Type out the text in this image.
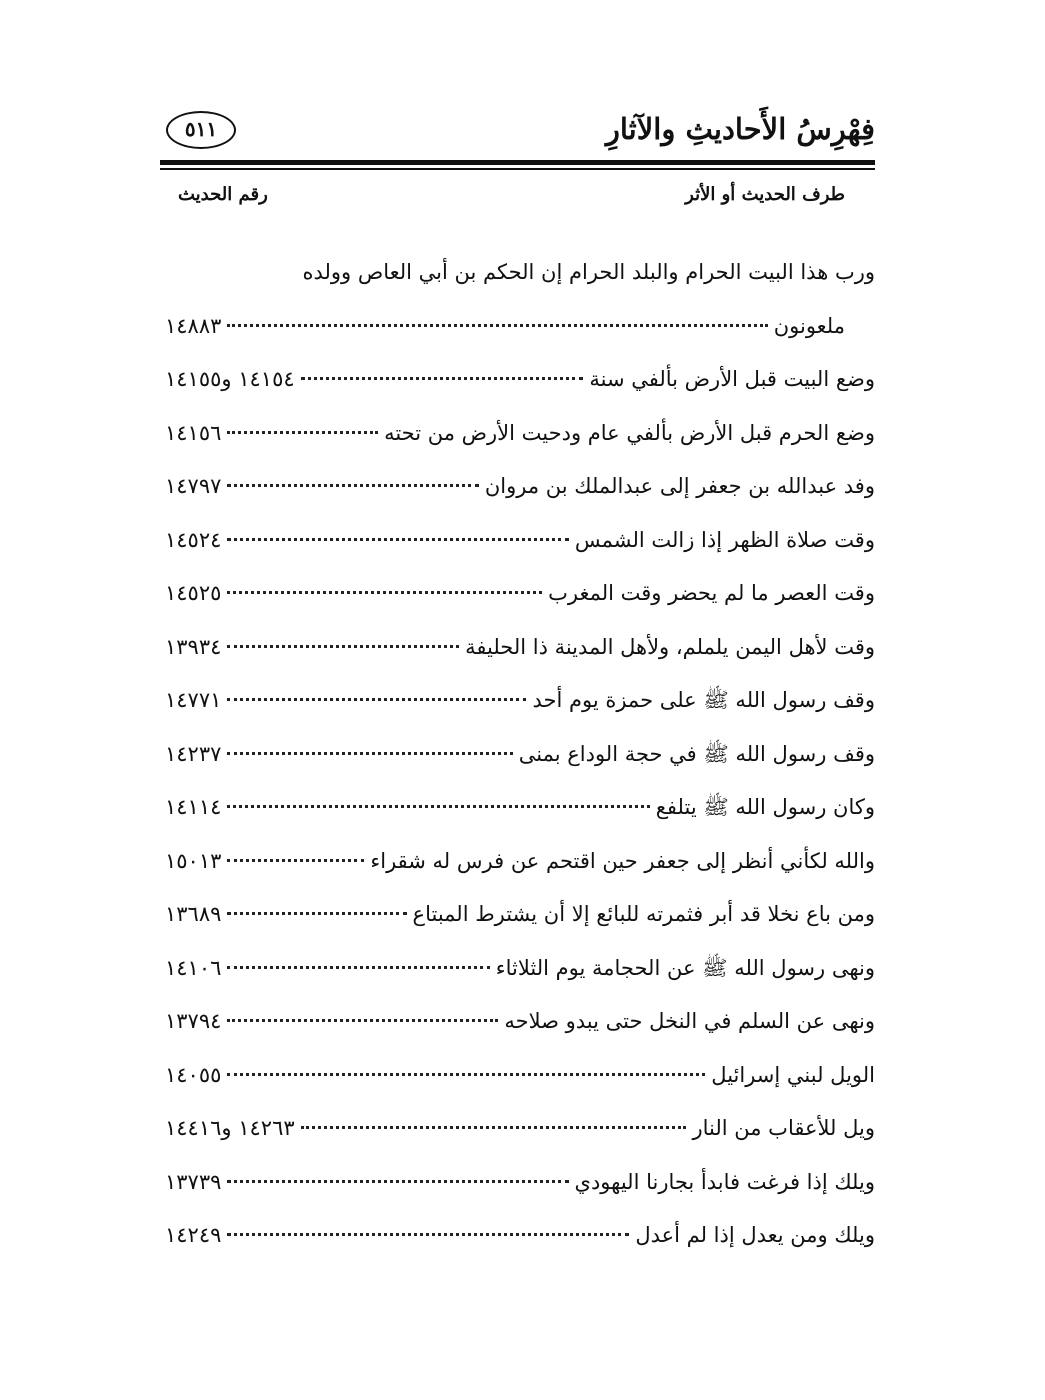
فِهْرِسُ الأَحاديثِ والآثارِ
٥١١
طرف الحديث أو الأثر
رقم الحديث
ورب هذا البيت الحرام والبلد الحرام إن الحكم بن أبي العاص وولده
ملعونون
١٤٨٨٣
وضع البيت قبل الأرض بألفي سنة
١٤١٥٤ و١٤١٥٥
وضع الحرم قبل الأرض بألفي عام ودحيت الأرض من تحته
١٤١٥٦
وفد عبدالله بن جعفر إلى عبدالملك بن مروان
١٤٧٩٧
وقت صلاة الظهر إذا زالت الشمس
١٤٥٢٤
وقت العصر ما لم يحضر وقت المغرب
١٤٥٢٥
وقت لأهل اليمن يلملم، ولأهل المدينة ذا الحليفة
١٣٩٣٤
وقف رسول الله ﷺ على حمزة يوم أحد
١٤٧٧١
وقف رسول الله ﷺ في حجة الوداع بمنى
١٤٢٣٧
وكان رسول الله ﷺ يتلفع
١٤١١٤
والله لكأني أنظر إلى جعفر حين اقتحم عن فرس له شقراء
١٥٠١٣
ومن باع نخلا قد أبر فثمرته للبائع إلا أن يشترط المبتاع
١٣٦٨٩
ونهى رسول الله ﷺ عن الحجامة يوم الثلاثاء
١٤١٠٦
ونهى عن السلم في النخل حتى يبدو صلاحه
١٣٧٩٤
الويل لبني إسرائيل
١٤٠٥٥
ويل للأعقاب من النار
١٤٢٦٣ و١٤٤١٦
ويلك إذا فرغت فابدأ بجارنا اليهودي
١٣٧٣٩
ويلك ومن يعدل إذا لم أعدل
١٤٢٤٩
